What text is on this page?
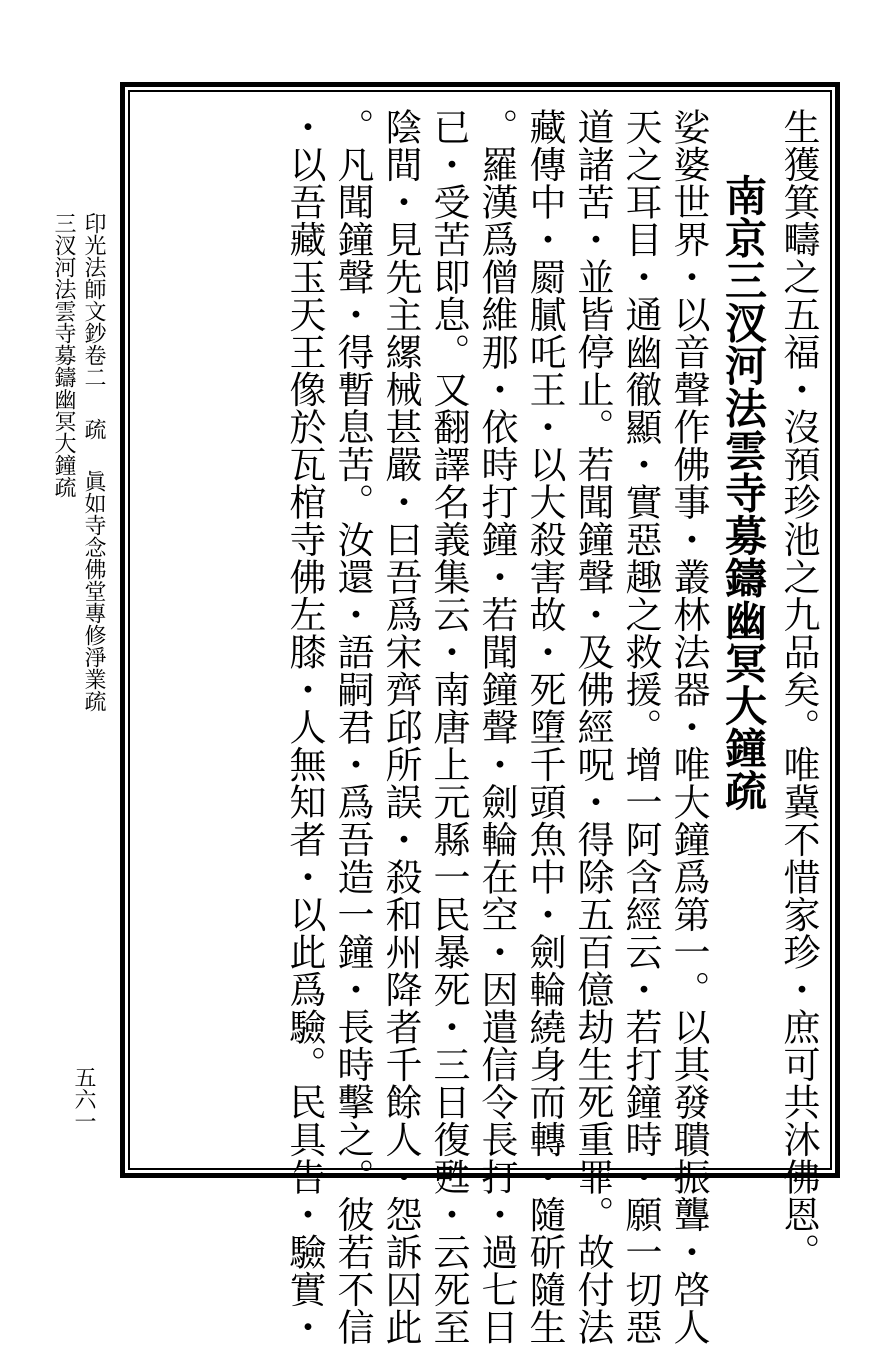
生獲箕疇之五福・沒預珍池之九品矣。唯冀不惜家珍・庶可共沐佛恩。
南京三汊河法雲寺募鑄幽冥大鐘疏
娑婆世界・以音聲作佛事・叢林法器・唯大鐘爲第一。以其發聵振聾・啓人
天之耳目・通幽徹顯・實惡趣之救援。增一阿含經云・若打鐘時・願一切惡
道諸苦・並皆停止。若聞鐘聲・及佛經呪・得除五百億劫生死重罪。故付法
藏傳中・罽膩吒王・以大殺害故・死墮千頭魚中・劍輪繞身而轉・隨斫隨生
。羅漢爲僧維那・依時打鐘・若聞鐘聲・劍輪在空・因遣信令長打・過七日
已・受苦即息。又翻譯名義集云・南唐上元縣一民暴死・三日復甦・云死至
陰間・見先主縲械甚嚴・曰吾爲宋齊邱所誤・殺和州降者千餘人・怨訴囚此
。凡聞鐘聲・得暫息苦。汝還・語嗣君・爲吾造一鐘・長時擊之。彼若不信
・以吾藏玉天王像於瓦棺寺佛左膝・人無知者・以此爲驗。民具告・驗實・
印光法師文鈔卷二疏眞如寺念佛堂專修淨業疏三汊河法雲寺募鑄幽冥大鐘疏
五六一
